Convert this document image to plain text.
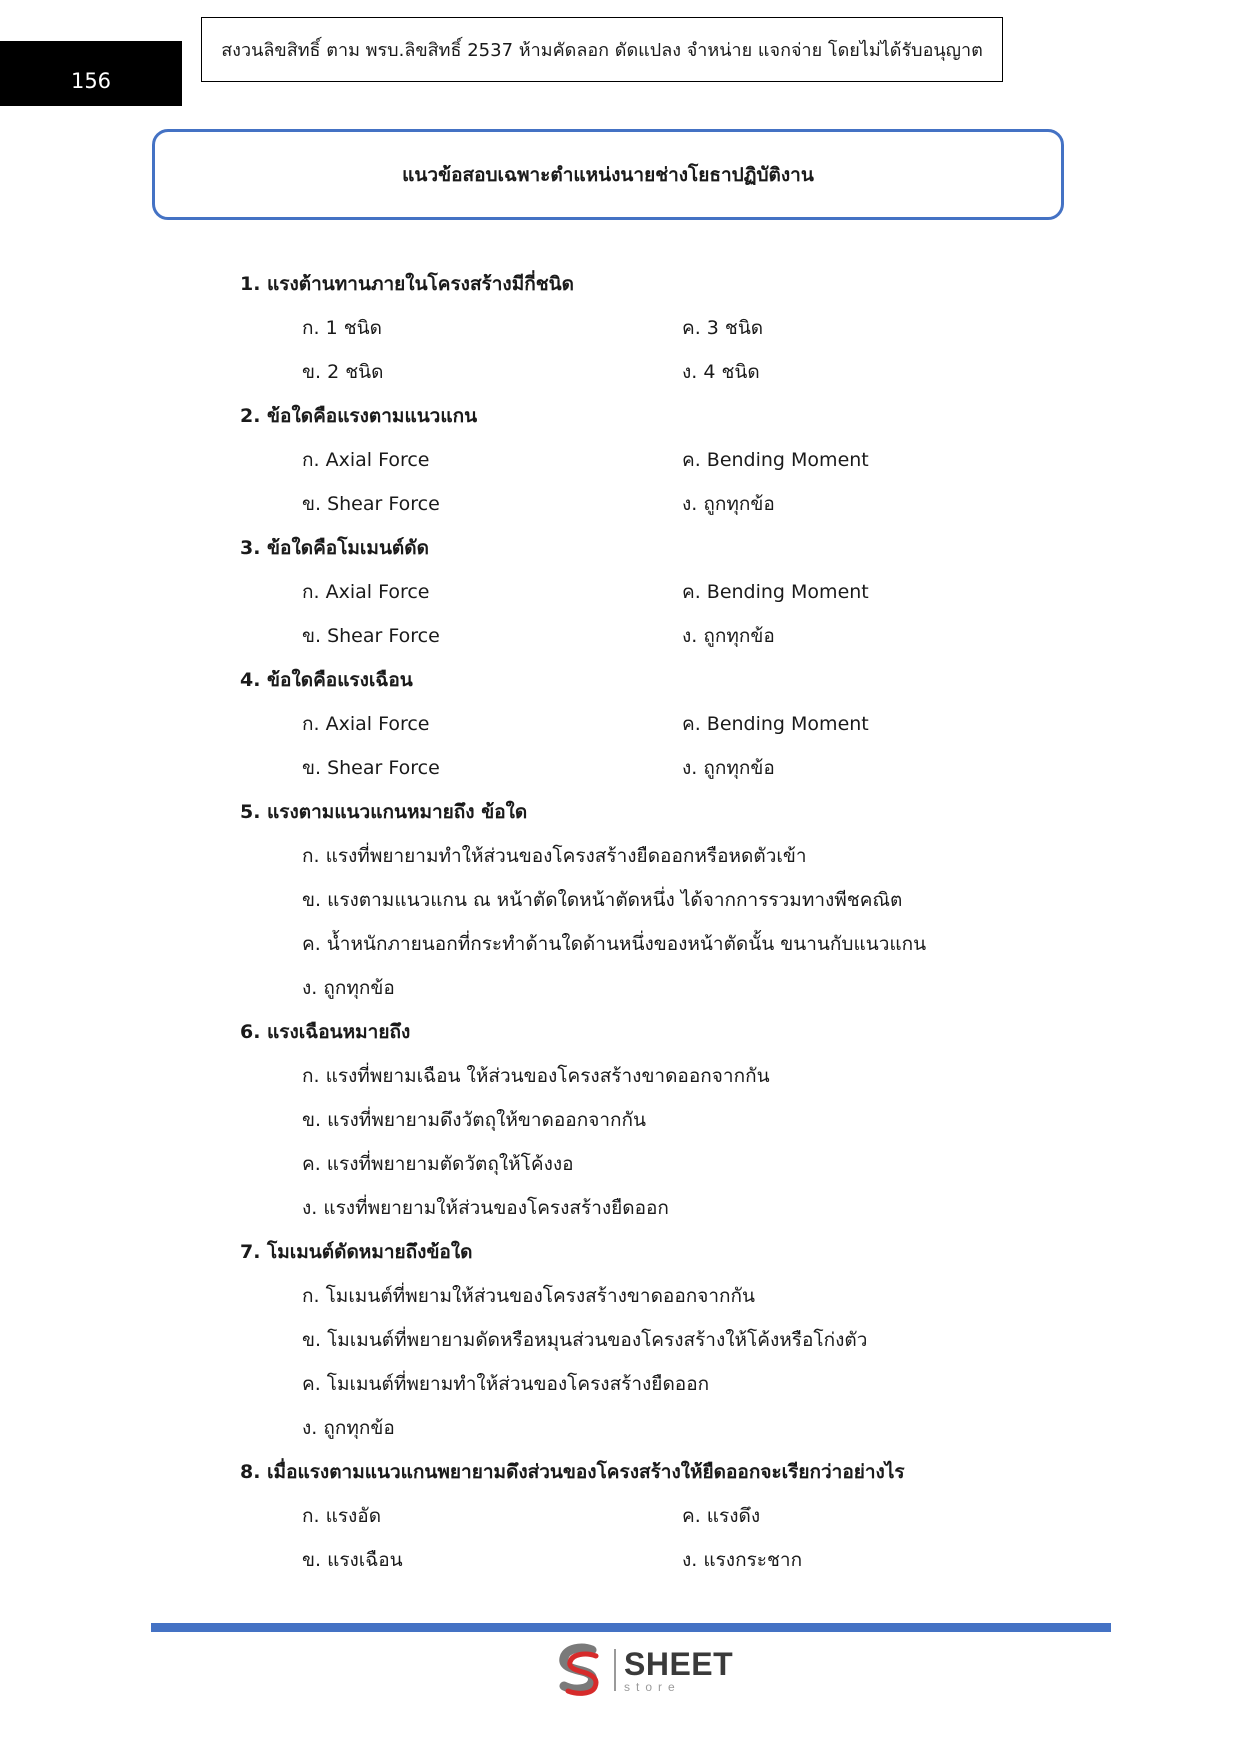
156
สงวนลิขสิทธิ์ ตาม พรบ.ลิขสิทธิ์ 2537 ห้ามคัดลอก ดัดแปลง จำหน่าย แจกจ่าย โดยไม่ได้รับอนุญาต
แนวข้อสอบเฉพาะตำแหน่งนายช่างโยธาปฏิบัติงาน
1. แรงต้านทานภายในโครงสร้างมีกี่ชนิด
ก. 1 ชนิด	ค. 3 ชนิด
ข. 2 ชนิด	ง. 4 ชนิด
2. ข้อใดคือแรงตามแนวแกน
ก. Axial Force	ค. Bending Moment
ข. Shear Force	ง. ถูกทุกข้อ
3. ข้อใดคือโมเมนต์ดัด
ก. Axial Force	ค. Bending Moment
ข. Shear Force	ง. ถูกทุกข้อ
4. ข้อใดคือแรงเฉือน
ก. Axial Force	ค. Bending Moment
ข. Shear Force	ง. ถูกทุกข้อ
5. แรงตามแนวแกนหมายถึง ข้อใด
ก. แรงที่พยายามทำให้ส่วนของโครงสร้างยืดออกหรือหดตัวเข้า
ข. แรงตามแนวแกน ณ หน้าตัดใดหน้าตัดหนึ่ง ได้จากการรวมทางพีชคณิต
ค. น้ำหนักภายนอกที่กระทำด้านใดด้านหนึ่งของหน้าตัดนั้น ขนานกับแนวแกน
ง. ถูกทุกข้อ
6. แรงเฉือนหมายถึง
ก. แรงที่พยามเฉือน ให้ส่วนของโครงสร้างขาดออกจากกัน
ข. แรงที่พยายามดึงวัตถุให้ขาดออกจากกัน
ค. แรงที่พยายามตัดวัตถุให้โค้งงอ
ง. แรงที่พยายามให้ส่วนของโครงสร้างยืดออก
7. โมเมนต์ดัดหมายถึงข้อใด
ก. โมเมนต์ที่พยามให้ส่วนของโครงสร้างขาดออกจากกัน
ข. โมเมนต์ที่พยายามดัดหรือหมุนส่วนของโครงสร้างให้โค้งหรือโก่งตัว
ค. โมเมนต์ที่พยามทำให้ส่วนของโครงสร้างยืดออก
ง. ถูกทุกข้อ
8. เมื่อแรงตามแนวแกนพยายามดึงส่วนของโครงสร้างให้ยืดออกจะเรียกว่าอย่างไร
ก. แรงอัด	ค. แรงดึง
ข. แรงเฉือน	ง. แรงกระชาก
SHEET
store
